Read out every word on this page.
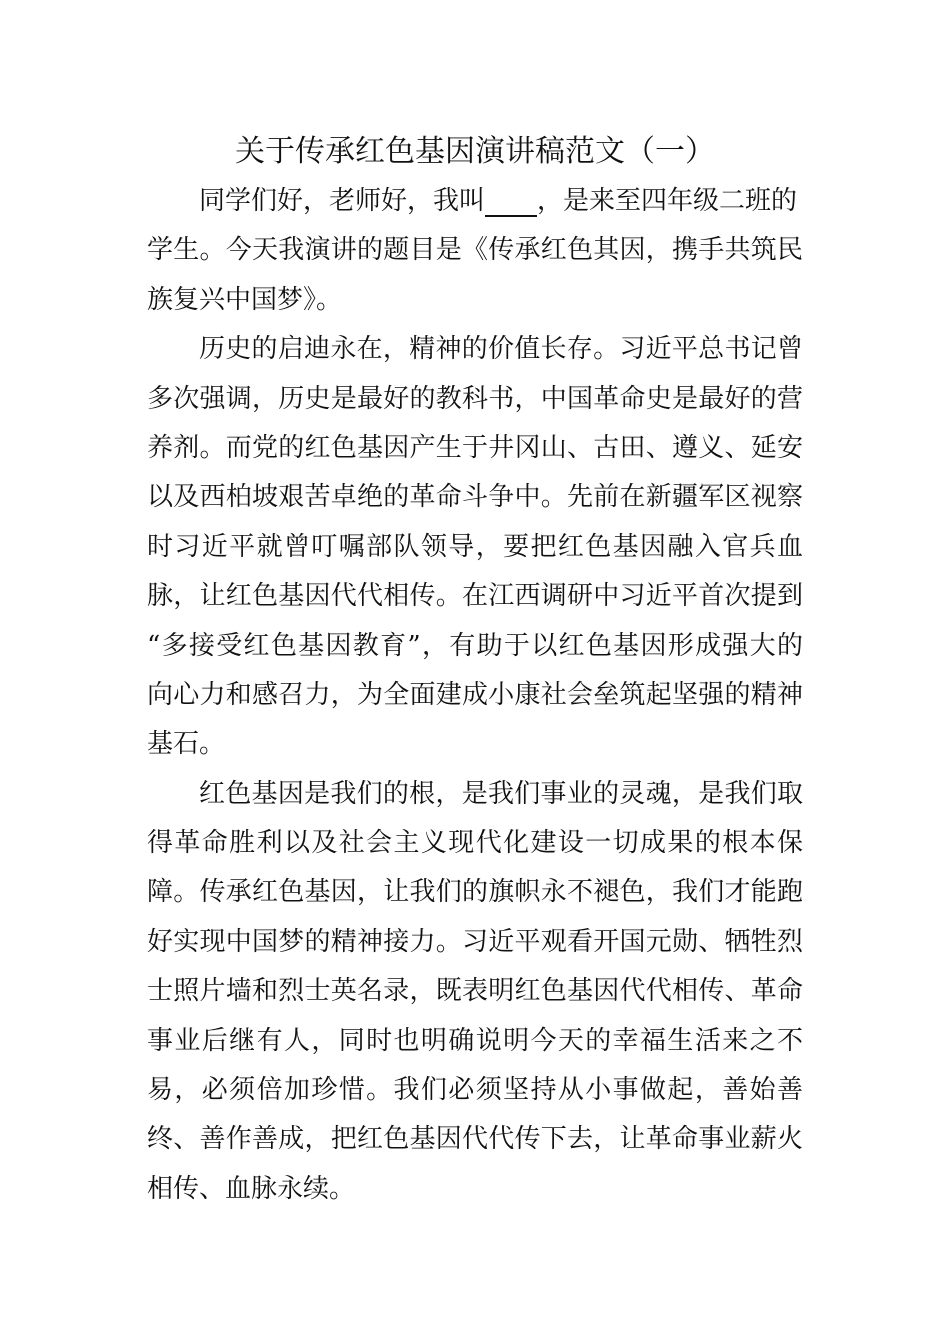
关于传承红色基因演讲稿范文（一）
同学们好，老师好，我叫 ，是来至四年级二班的
学生。今天我演讲的题目是《传承红色其因，携手共筑民
族复兴中国梦》。
历史的启迪永在，精神的价值长存。习近平总书记曾
多次强调，历史是最好的教科书，中国革命史是最好的营
养剂。而党的红色基因产生于井冈山、古田、遵义、延安
以及西柏坡艰苦卓绝的革命斗争中。先前在新疆军区视察
时习近平就曾叮嘱部队领导，要把红色基因融入官兵血
脉，让红色基因代代相传。在江西调研中习近平首次提到
“多接受红色基因教育”，有助于以红色基因形成强大的
向心力和感召力，为全面建成小康社会垒筑起坚强的精神
基石。
红色基因是我们的根，是我们事业的灵魂，是我们取
得革命胜利以及社会主义现代化建设一切成果的根本保
障。传承红色基因，让我们的旗帜永不褪色，我们才能跑
好实现中国梦的精神接力。习近平观看开国元勋、牺牲烈
士照片墙和烈士英名录，既表明红色基因代代相传、革命
事业后继有人，同时也明确说明今天的幸福生活来之不
易，必须倍加珍惜。我们必须坚持从小事做起，善始善
终、善作善成，把红色基因代代传下去，让革命事业薪火
相传、血脉永续。
